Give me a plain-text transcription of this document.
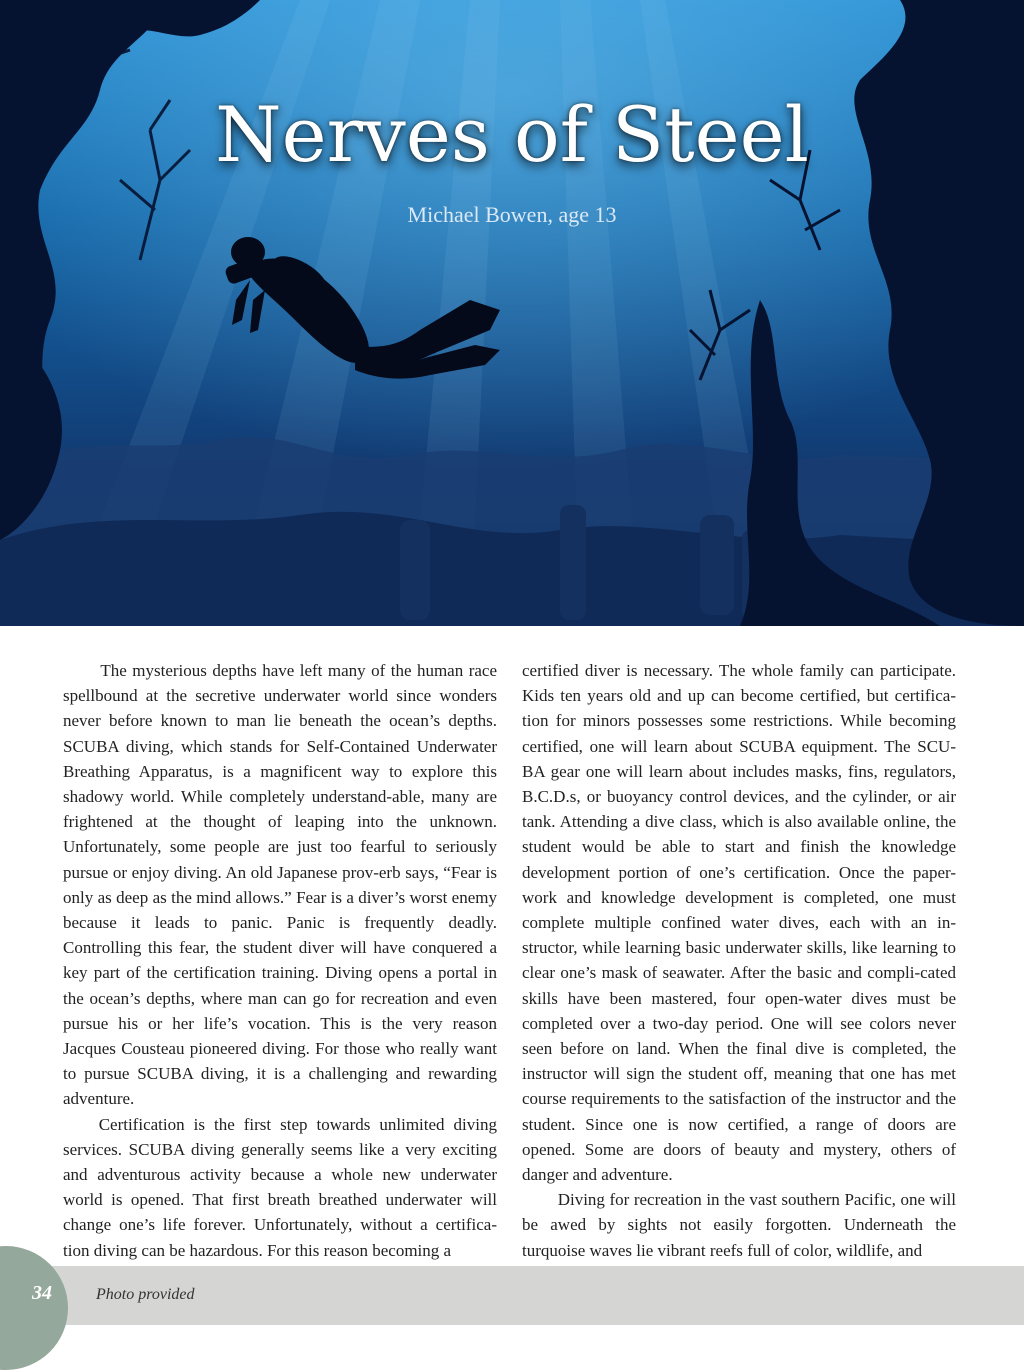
Nerves of Steel

Michael Bowen, age 13

The mysterious depths have left many of the human race spellbound at the secretive underwater world since wonders never before known to man lie beneath the ocean’s depths. SCUBA diving, which stands for Self-Contained Underwater Breathing Apparatus, is a magnificent way to explore this shadowy world. While completely understand-able, many are frightened at the thought of leaping into the unknown. Unfortunately, some people are just too fearful to seriously pursue or enjoy diving. An old Japanese prov-erb says, “Fear is only as deep as the mind allows.” Fear is a diver’s worst enemy because it leads to panic. Panic is frequently deadly. Controlling this fear, the student diver will have conquered a key part of the certification training. Diving opens a portal in the ocean’s depths, where man can go for recreation and even pursue his or her life’s vocation. This is the very reason Jacques Cousteau pioneered diving. For those who really want to pursue SCUBA diving, it is a challenging and rewarding adventure.

Certification is the first step towards unlimited diving services. SCUBA diving generally seems like a very exciting and adventurous activity because a whole new underwater world is opened. That first breath breathed underwater will change one’s life forever. Unfortunately, without a certifica-tion diving can be hazardous. For this reason becoming a

certified diver is necessary. The whole family can participate. Kids ten years old and up can become certified, but certifica-tion for minors possesses some restrictions. While becoming certified, one will learn about SCUBA equipment. The SCU-BA gear one will learn about includes masks, fins, regulators, B.C.D.s, or buoyancy control devices, and the cylinder, or air tank. Attending a dive class, which is also available online, the student would be able to start and finish the knowledge development portion of one’s certification. Once the paper-work and knowledge development is completed, one must complete multiple confined water dives, each with an in-structor, while learning basic underwater skills, like learning to clear one’s mask of seawater. After the basic and compli-cated skills have been mastered, four open-water dives must be completed over a two-day period. One will see colors never seen before on land. When the final dive is completed, the instructor will sign the student off, meaning that one has met course requirements to the satisfaction of the instructor and the student. Since one is now certified, a range of doors are opened. Some are doors of beauty and mystery, others of danger and adventure.

Diving for recreation in the vast southern Pacific, one will be awed by sights not easily forgotten. Underneath the turquoise waves lie vibrant reefs full of color, wildlife, and

34	Photo provided
